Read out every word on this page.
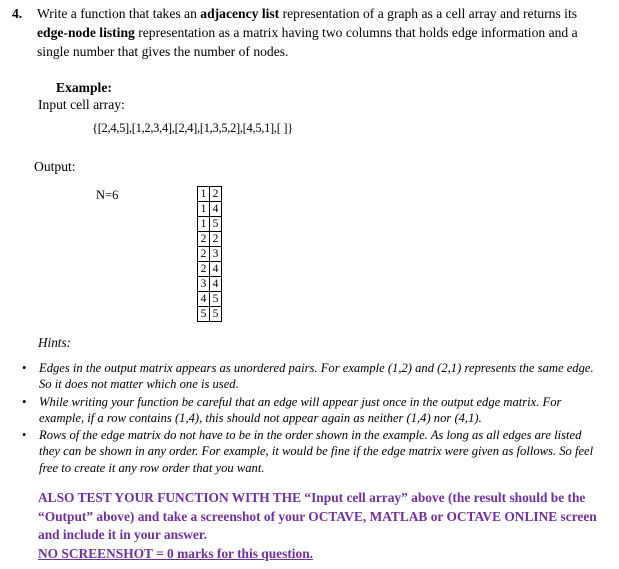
4. Write a function that takes an adjacency list representation of a graph as a cell array and returns its edge-node listing representation as a matrix having two columns that holds edge information and a single number that gives the number of nodes.
Example:
Input cell array:
{[2,4,5],[1,2,3,4],[2,4],[1,3,5,2],[4,5,1],[ ]}
Output:
N=6	1	2
1	4
1	5
2	2
2	3
2	4
3	4
4	5
5	5
Hints:
• Edges in the output matrix appears as unordered pairs. For example (1,2) and (2,1) represents the same edge. So it does not matter which one is used.
• While writing your function be careful that an edge will appear just once in the output edge matrix. For example, if a row contains (1,4), this should not appear again as neither (1,4) nor (4,1).
• Rows of the edge matrix do not have to be in the order shown in the example. As long as all edges are listed they can be shown in any order. For example, it would be fine if the edge matrix were given as follows. So feel free to create it any row order that you want.
ALSO TEST YOUR FUNCTION WITH THE “Input cell array” above (the result should be the “Output” above) and take a screenshot of your OCTAVE, MATLAB or OCTAVE ONLINE screen and include it in your answer.
NO SCREENSHOT = 0 marks for this question.
